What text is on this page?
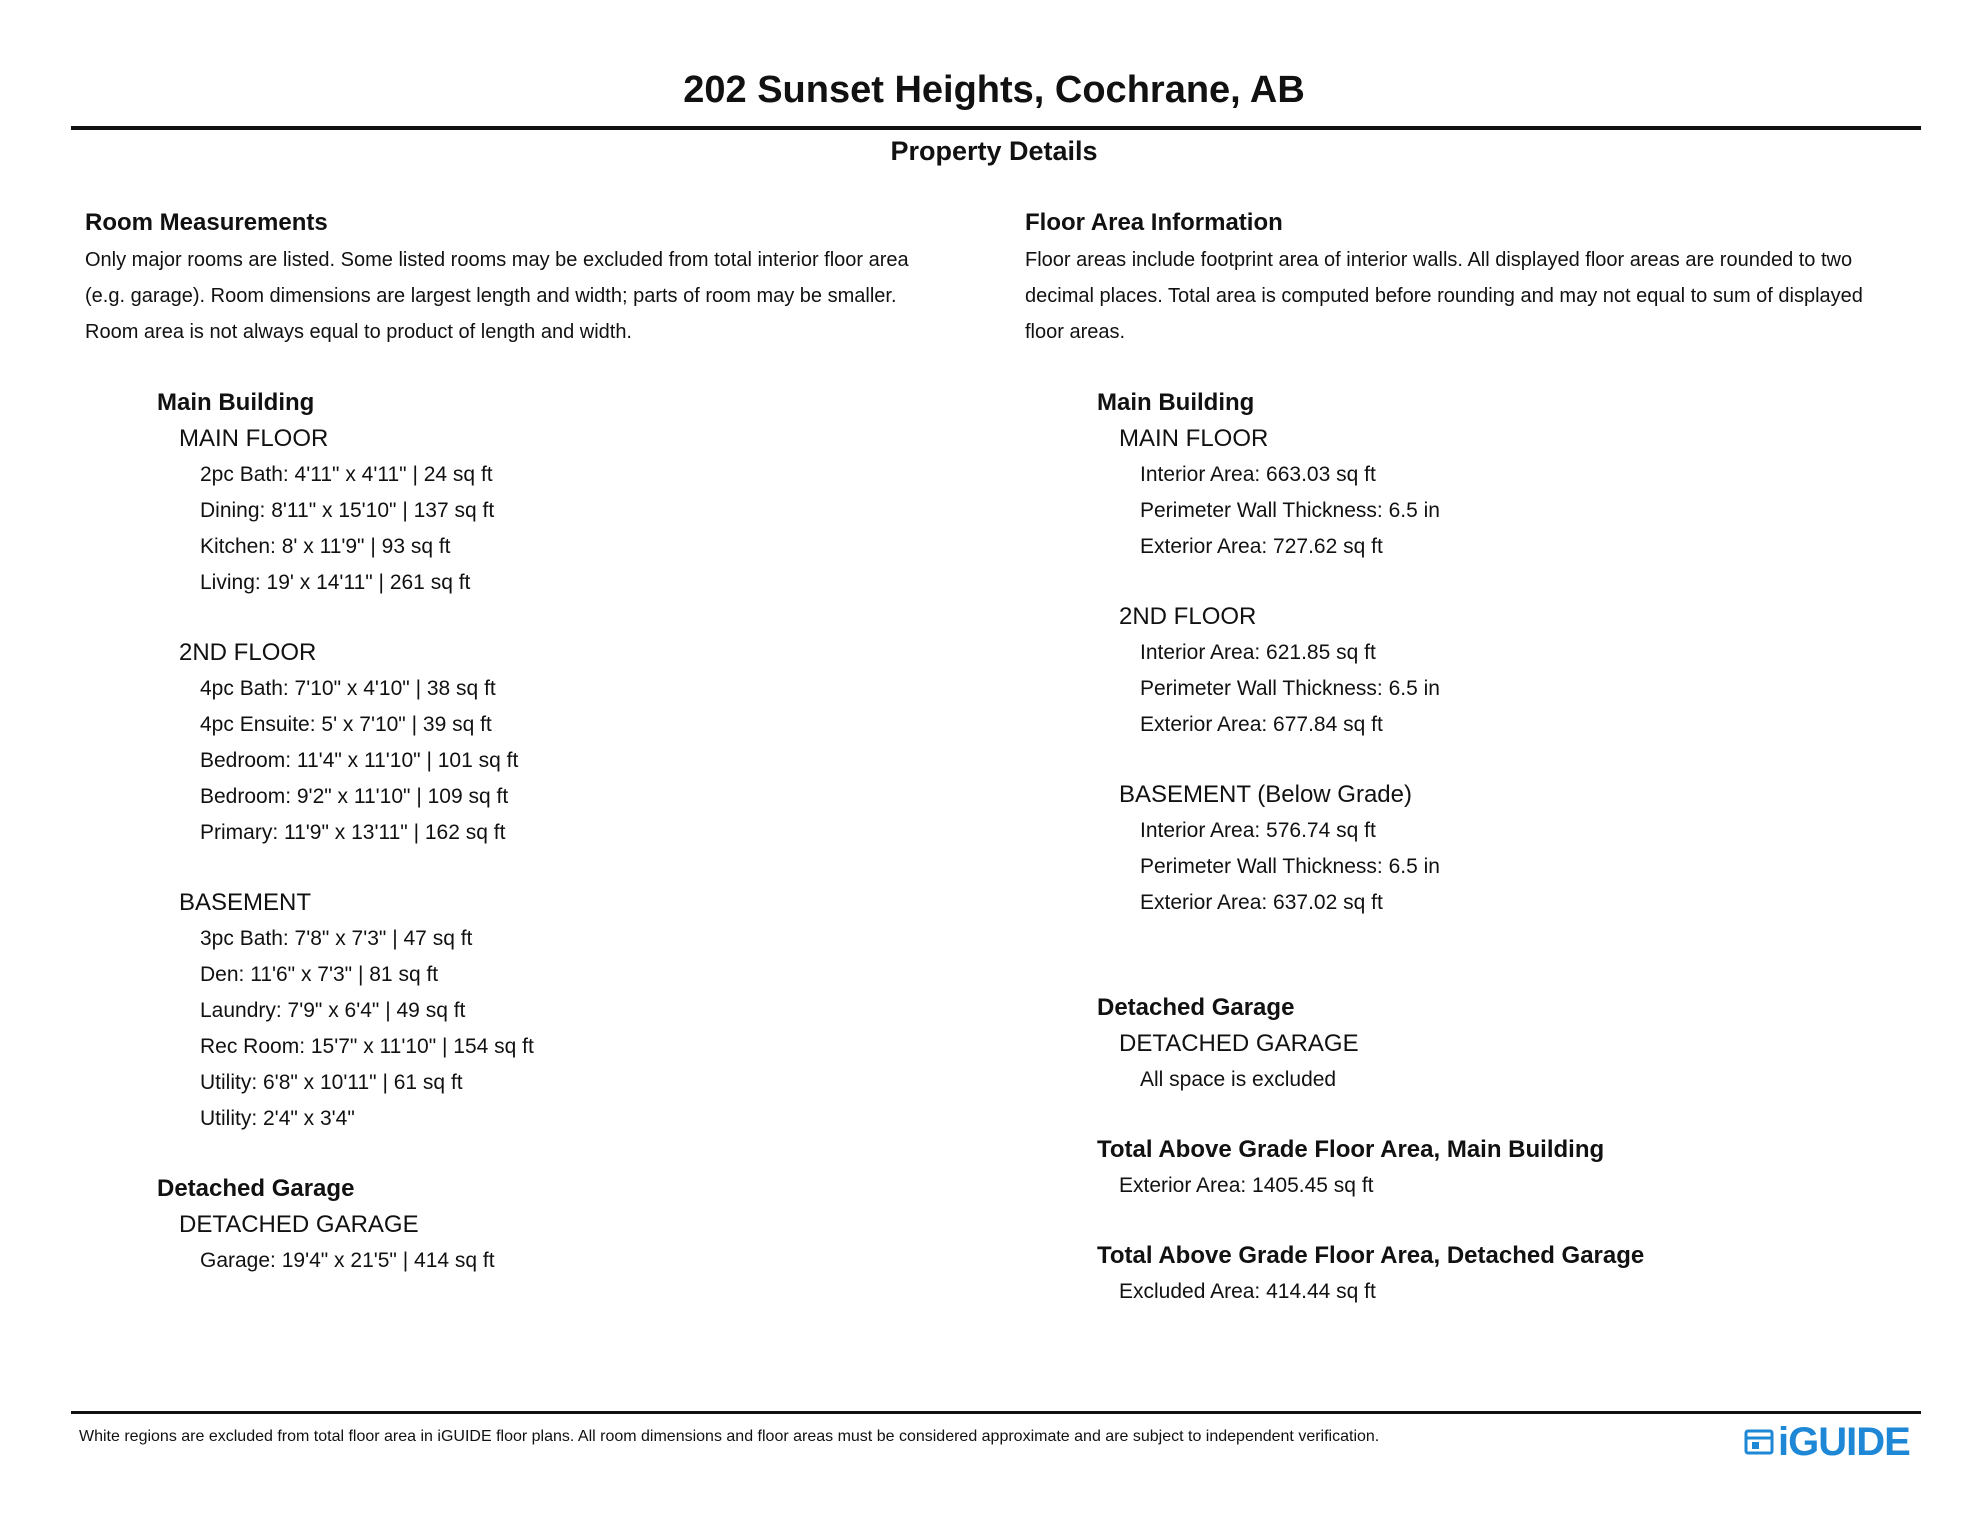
202 Sunset Heights, Cochrane, AB
Property Details
Room Measurements
Only major rooms are listed. Some listed rooms may be excluded from total interior floor area
(e.g. garage). Room dimensions are largest length and width; parts of room may be smaller.
Room area is not always equal to product of length and width.
Main Building
MAIN FLOOR
2pc Bath: 4'11" x 4'11" | 24 sq ft
Dining: 8'11" x 15'10" | 137 sq ft
Kitchen: 8' x 11'9" | 93 sq ft
Living: 19' x 14'11" | 261 sq ft
2ND FLOOR
4pc Bath: 7'10" x 4'10" | 38 sq ft
4pc Ensuite: 5' x 7'10" | 39 sq ft
Bedroom: 11'4" x 11'10" | 101 sq ft
Bedroom: 9'2" x 11'10" | 109 sq ft
Primary: 11'9" x 13'11" | 162 sq ft
BASEMENT
3pc Bath: 7'8" x 7'3" | 47 sq ft
Den: 11'6" x 7'3" | 81 sq ft
Laundry: 7'9" x 6'4" | 49 sq ft
Rec Room: 15'7" x 11'10" | 154 sq ft
Utility: 6'8" x 10'11" | 61 sq ft
Utility: 2'4" x 3'4"
Detached Garage
DETACHED GARAGE
Garage: 19'4" x 21'5" | 414 sq ft
Floor Area Information
Floor areas include footprint area of interior walls. All displayed floor areas are rounded to two
decimal places. Total area is computed before rounding and may not equal to sum of displayed
floor areas.
Main Building
MAIN FLOOR
Interior Area: 663.03 sq ft
Perimeter Wall Thickness: 6.5 in
Exterior Area: 727.62 sq ft
2ND FLOOR
Interior Area: 621.85 sq ft
Perimeter Wall Thickness: 6.5 in
Exterior Area: 677.84 sq ft
BASEMENT (Below Grade)
Interior Area: 576.74 sq ft
Perimeter Wall Thickness: 6.5 in
Exterior Area: 637.02 sq ft
Detached Garage
DETACHED GARAGE
All space is excluded
Total Above Grade Floor Area, Main Building
Exterior Area: 1405.45 sq ft
Total Above Grade Floor Area, Detached Garage
Excluded Area: 414.44 sq ft
White regions are excluded from total floor area in iGUIDE floor plans. All room dimensions and floor areas must be considered approximate and are subject to independent verification.	iGUIDE
